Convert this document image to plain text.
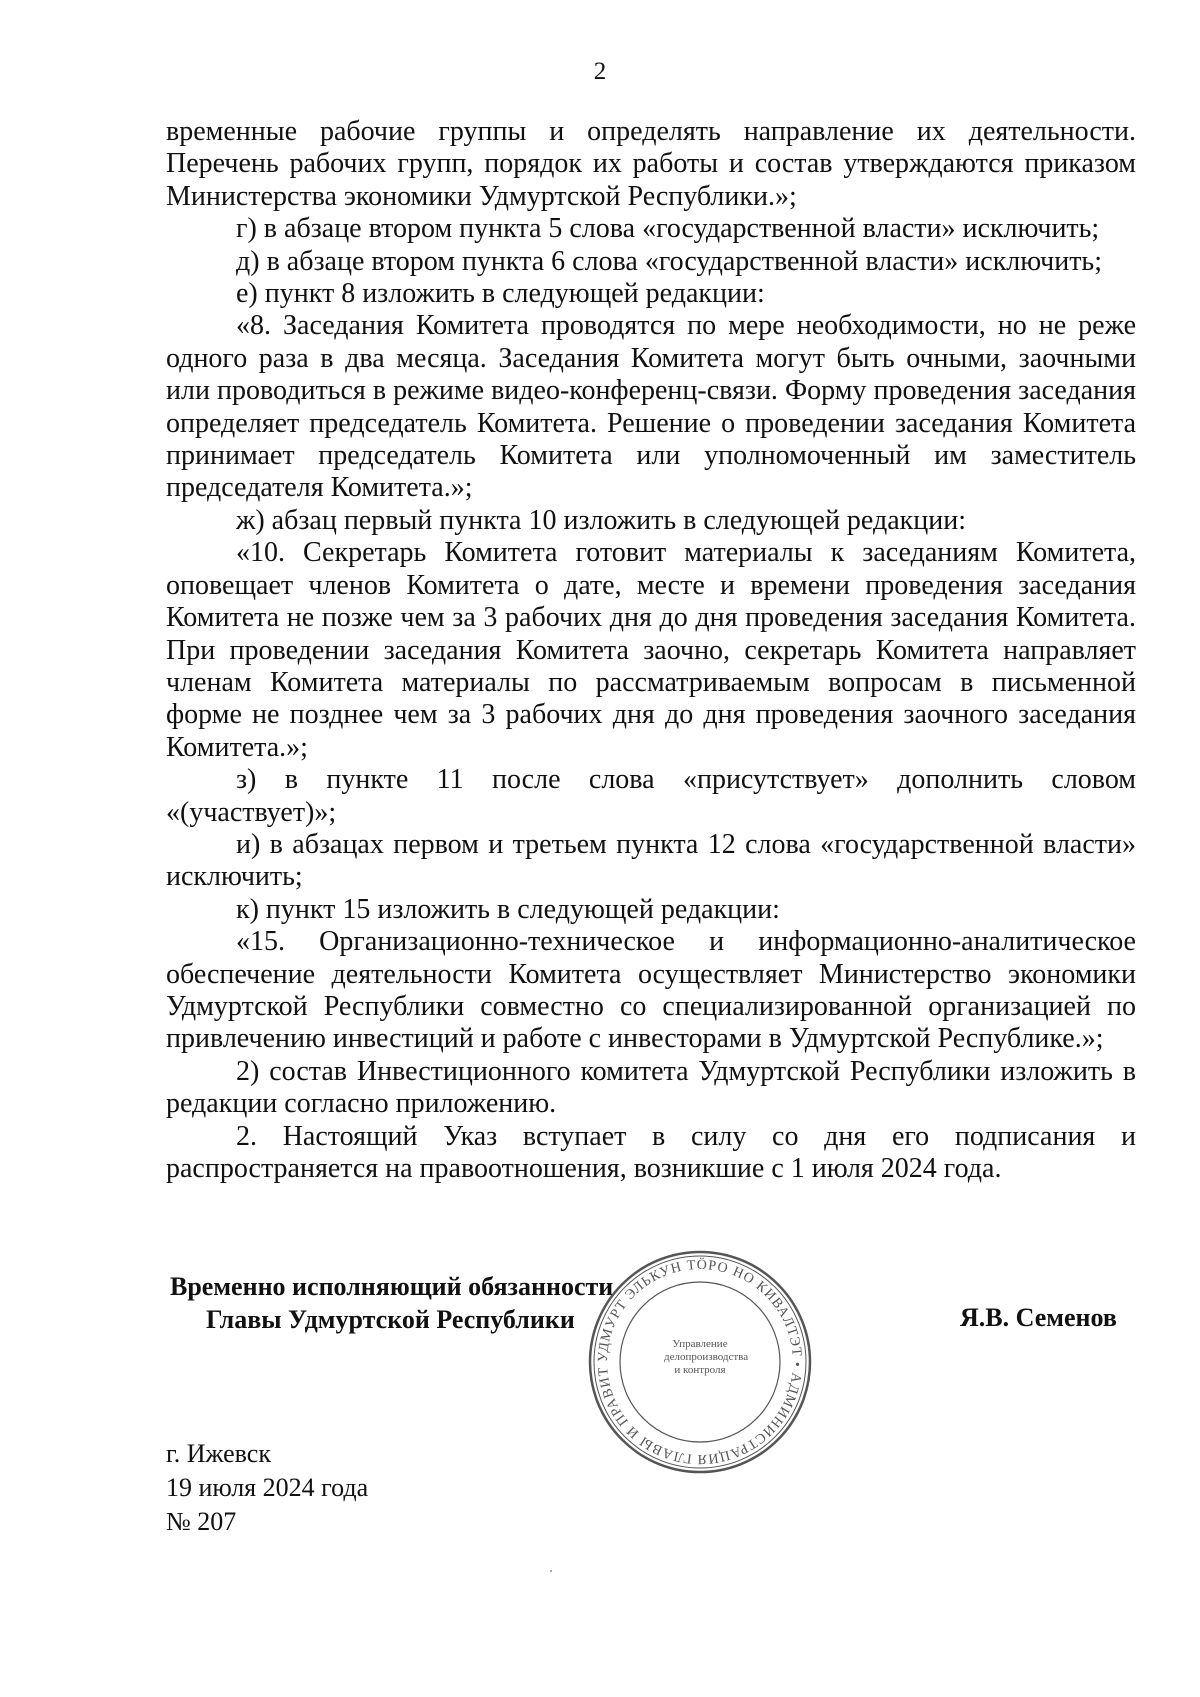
2

временные рабочие группы и определять направление их деятельности. Перечень рабочих групп, порядок их работы и состав утверждаются приказом Министерства экономики Удмуртской Республики.»;

г) в абзаце втором пункта 5 слова «государственной власти» исключить;

д) в абзаце втором пункта 6 слова «государственной власти» исключить;

е) пункт 8 изложить в следующей редакции:

«8. Заседания Комитета проводятся по мере необходимости, но не реже одного раза в два месяца. Заседания Комитета могут быть очными, заочными или проводиться в режиме видео-конференц-связи. Форму проведения заседания определяет председатель Комитета. Решение о проведении заседания Комитета принимает председатель Комитета или уполномоченный им заместитель председателя Комитета.»;

ж) абзац первый пункта 10 изложить в следующей редакции:

«10. Секретарь Комитета готовит материалы к заседаниям Комитета, оповещает членов Комитета о дате, месте и времени проведения заседания Комитета не позже чем за 3 рабочих дня до дня проведения заседания Комитета. При проведении заседания Комитета заочно, секретарь Комитета направляет членам Комитета материалы по рассматриваемым вопросам в письменной форме не позднее чем за 3 рабочих дня до дня проведения заочного заседания Комитета.»;

з) в пункте 11 после слова «присутствует» дополнить словом «(участвует)»;

и) в абзацах первом и третьем пункта 12 слова «государственной власти» исключить;

к) пункт 15 изложить в следующей редакции:

«15. Организационно-техническое и информационно-аналитическое обеспечение деятельности Комитета осуществляет Министерство экономики Удмуртской Республики совместно со специализированной организацией по привлечению инвестиций и работе с инвесторами в Удмуртской Республике.»;

2) состав Инвестиционного комитета Удмуртской Республики изложить в редакции согласно приложению.

2. Настоящий Указ вступает в силу со дня его подписания и распространяется на правоотношения, возникшие с 1 июля 2024 года.

Временно исполняющий обязанности
Главы Удмуртской Республики
УДМУРТ ЭЛЬКУН ТӦРО НО КИВАЛТЭТ • АДМИНИСТРАЦИЯ ГЛАВЫ И ПРАВИТ
Управление
делопроизводства
и контроля
Я.В. Семенов
г. Ижевск
19 июля 2024 года
№ 207
